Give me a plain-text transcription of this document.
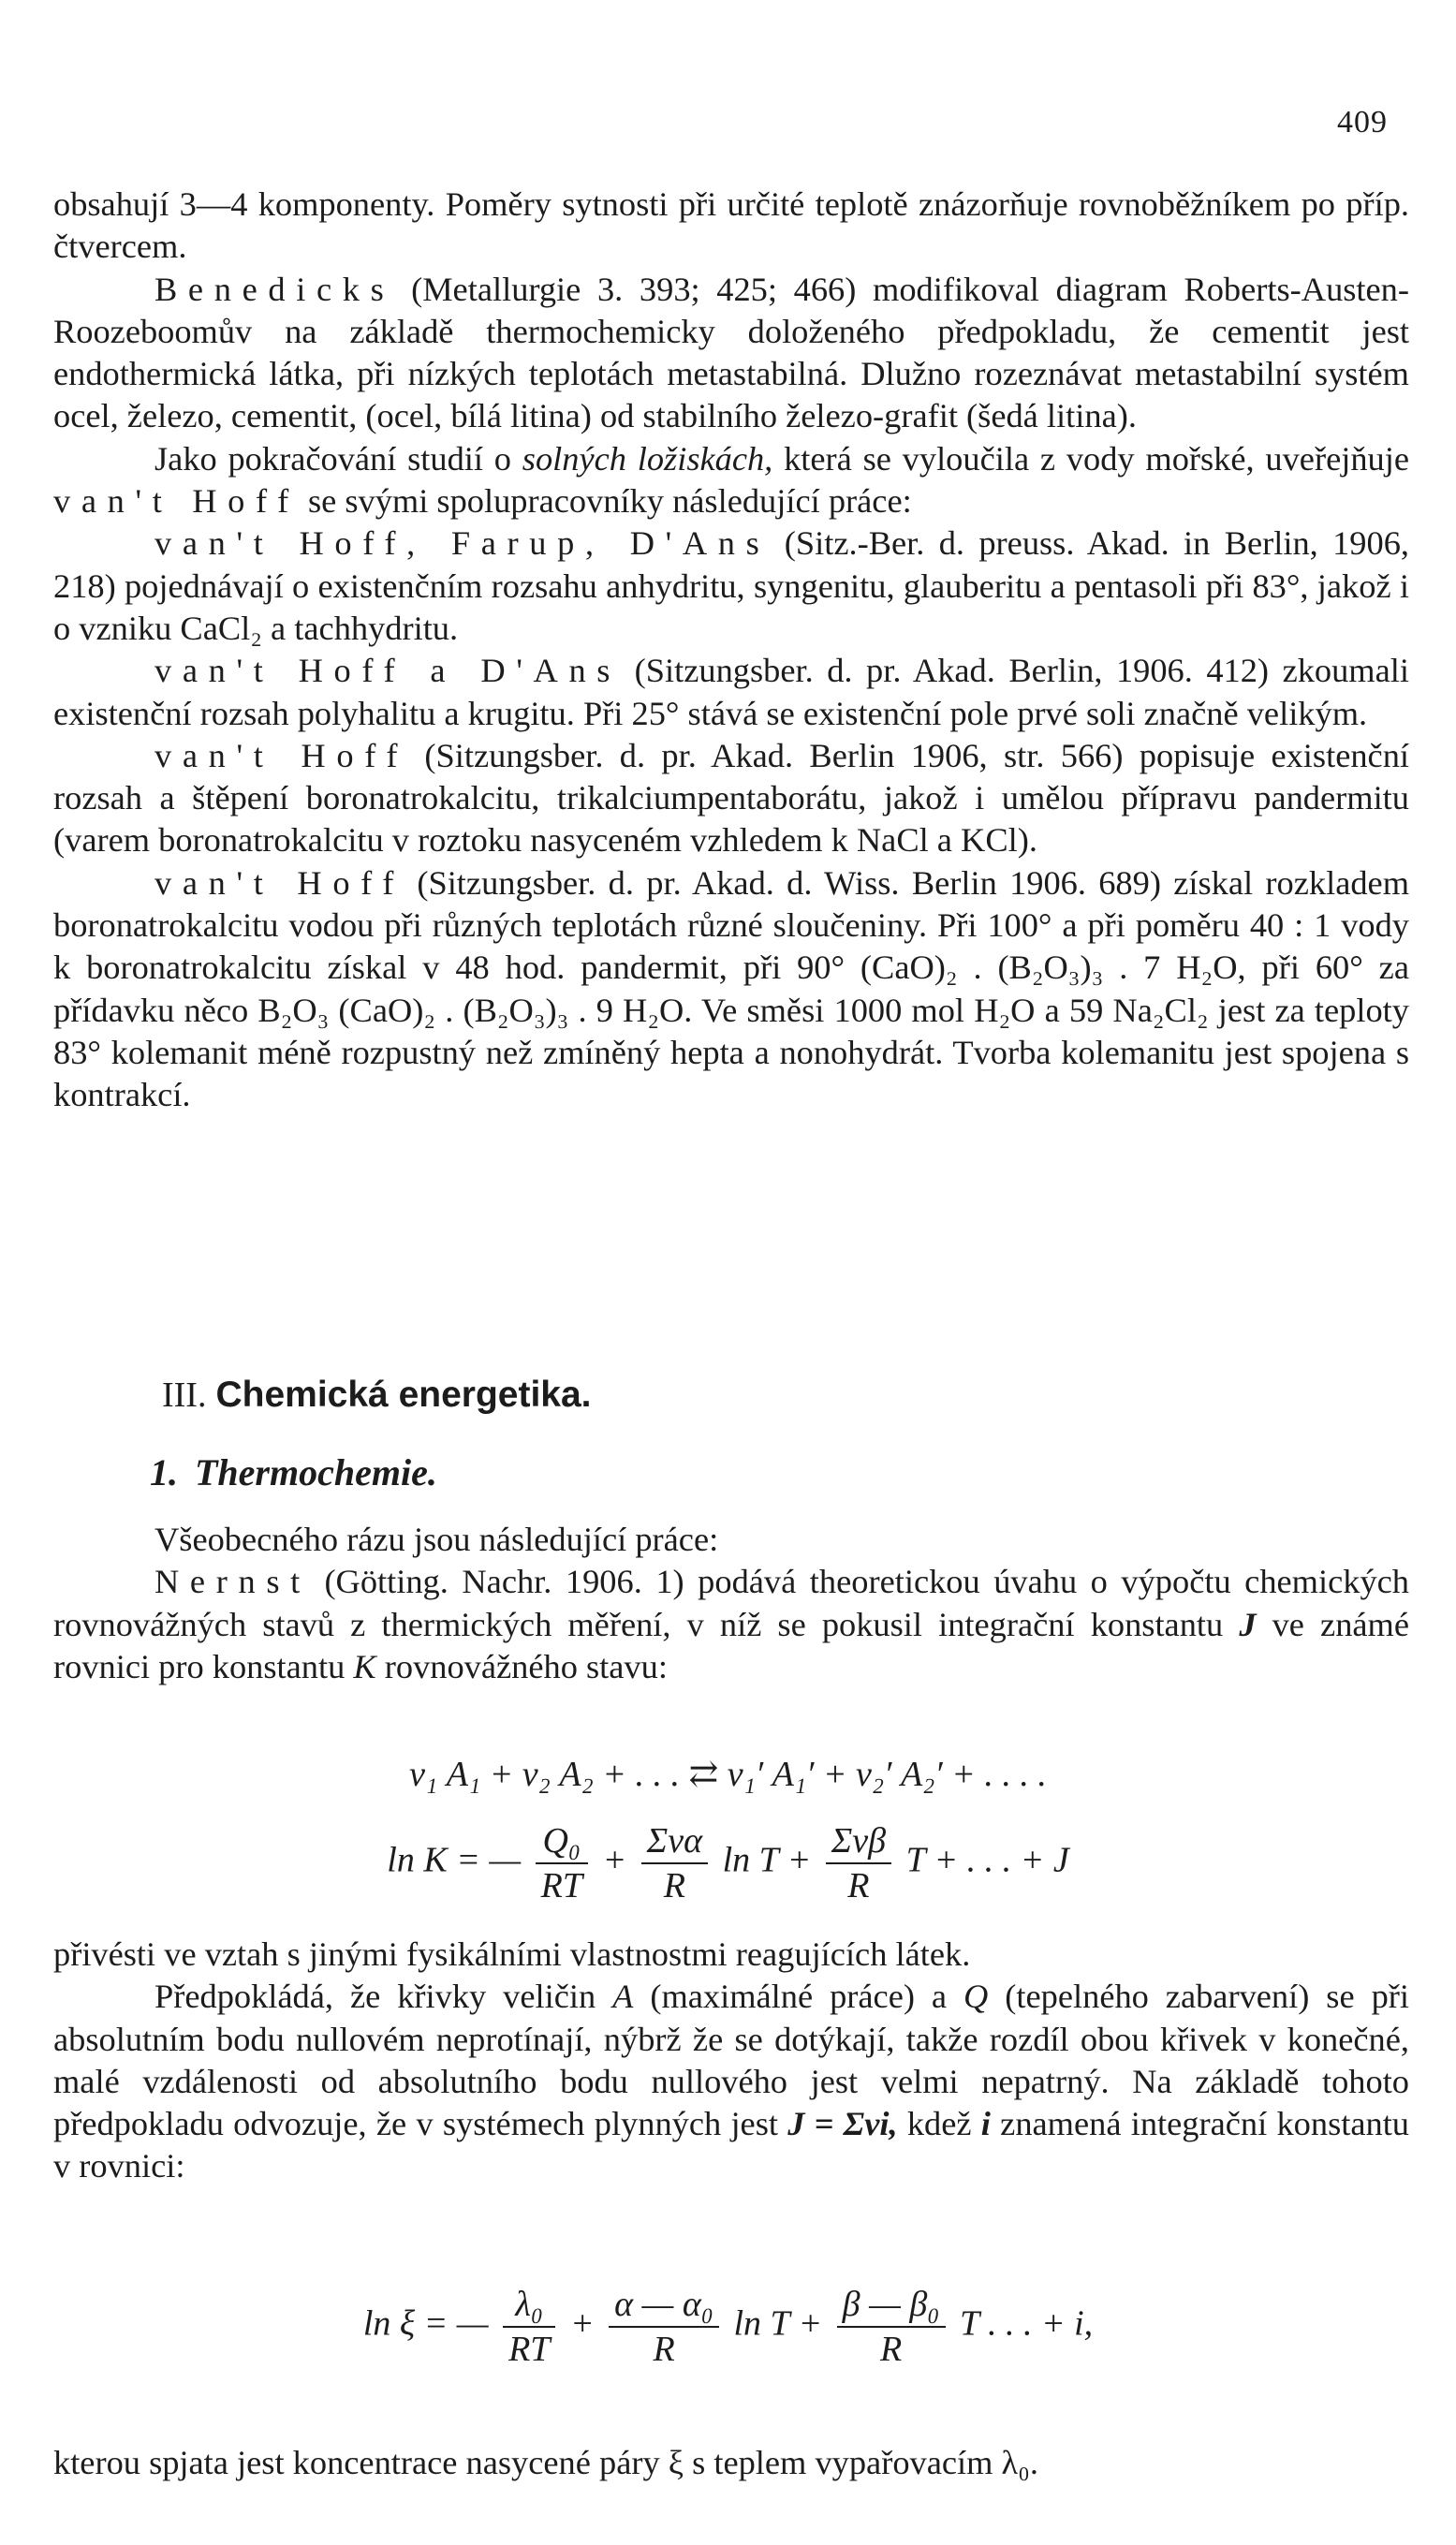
409

obsahují 3—4 komponenty. Poměry sytnosti při určité teplotě znázorňuje rovnoběžníkem po příp. čtvercem.

Benedicks (Metallurgie 3. 393; 425; 466) modifikoval diagram Roberts-Austen-Roozeboomův na základě thermochemicky doloženého předpokladu, že cementit jest endothermická látka, při nízkých teplotách metastabilná. Dlužno rozeznávat metastabilní systém ocel, železo, cementit, (ocel, bílá litina) od stabilního železo-grafit (šedá litina).

Jako pokračování studií o solných ložiskách, která se vyloučila z vody mořské, uveřejňuje van't Hoff se svými spolupracovníky následující práce:

van't Hoff, Farup, D'Ans (Sitz.-Ber. d. preuss. Akad. in Berlin, 1906, 218) pojednávají o existenčním rozsahu anhydritu, syngenitu, glauberitu a pentasoli při 83°, jakož i o vzniku CaCl₂ a tachhydritu.

van't Hoff a D'Ans (Sitzungsber. d. pr. Akad. Berlin, 1906. 412) zkoumali existenční rozsah polyhalitu a krugitu. Při 25° stává se existenční pole prvé soli značně velikým.

van't Hoff (Sitzungsber. d. pr. Akad. Berlin 1906, str. 566) popisuje existenční rozsah a štěpení boronatrokalcitu, trikalciumpentaborátu, jakož i umělou přípravu pandermitu (varem boronatrokalcitu v roztoku nasyceném vzhledem k NaCl a KCl).

van't Hoff (Sitzungsber. d. pr. Akad. d. Wiss. Berlin 1906. 689) získal rozkladem boronatrokalcitu vodou při různých teplotách různé sloučeniny. Při 100° a při poměru 40 : 1 vody k boronatrokalcitu získal v 48 hod. pandermit, při 90° (CaO)₂ . (B₂O₃)₃ . 7 H₂O, při 60° za přídavku něco B₂O₃ (CaO)₂ . (B₂O₃)₃ . 9 H₂O. Ve směsi 1000 mol H₂O a 59 Na₂Cl₂ jest za teploty 83° kolemanit méně rozpustný než zmíněný hepta a nonohydrát. Tvorba kolemanitu jest spojena s kontrakcí.

III. Chemická energetika.
1. Thermochemie.

Všeobecného rázu jsou následující práce:

Nernst (Götting. Nachr. 1906. 1) podává theoretickou úvahu o výpočtu chemických rovnovážných stavů z thermických měření, v níž se pokusil integrační konstantu J ve známé rovnici pro konstantu K rovnovážného stavu:

ν₁ A₁ + ν₂ A₂ + . . . ⇄ ν₁′ A₁′ + ν₂′ A₂′ + . . . .
ln K = — $\frac{\text{Q₀}}{RT} + \frac{\text{Σνα}}{R}$ $\ln T + \frac{\text{Σνβ}}{R}$ T + . . . + J

přivésti ve vztah s jinými fysikálními vlastnostmi reagujících látek.

Předpokládá, že křivky veličin A (maximálné práce) a Q (tepelného zabarvení) se při absolutním bodu nullovém neprotínají, nýbrž že se dotýkají, takže rozdíl obou křivek v konečné, malé vzdálenosti od absolutního bodu nullového jest velmi nepatrný. Na základě tohoto předpokladu odvozuje, že v systémech plynných jest J = Σνi, kdež i znamená integrační konstantu v rovnici:

ln ξ = — $\frac{\text{λ₀}}{RT} + \frac{\text{α — α₀}}{R}$ $\ln T + \frac{\text{β — β₀}}{R}$ T . . . + i,

kterou spjata jest koncentrace nasycené páry ξ s teplem vypařovacím λ₀.
